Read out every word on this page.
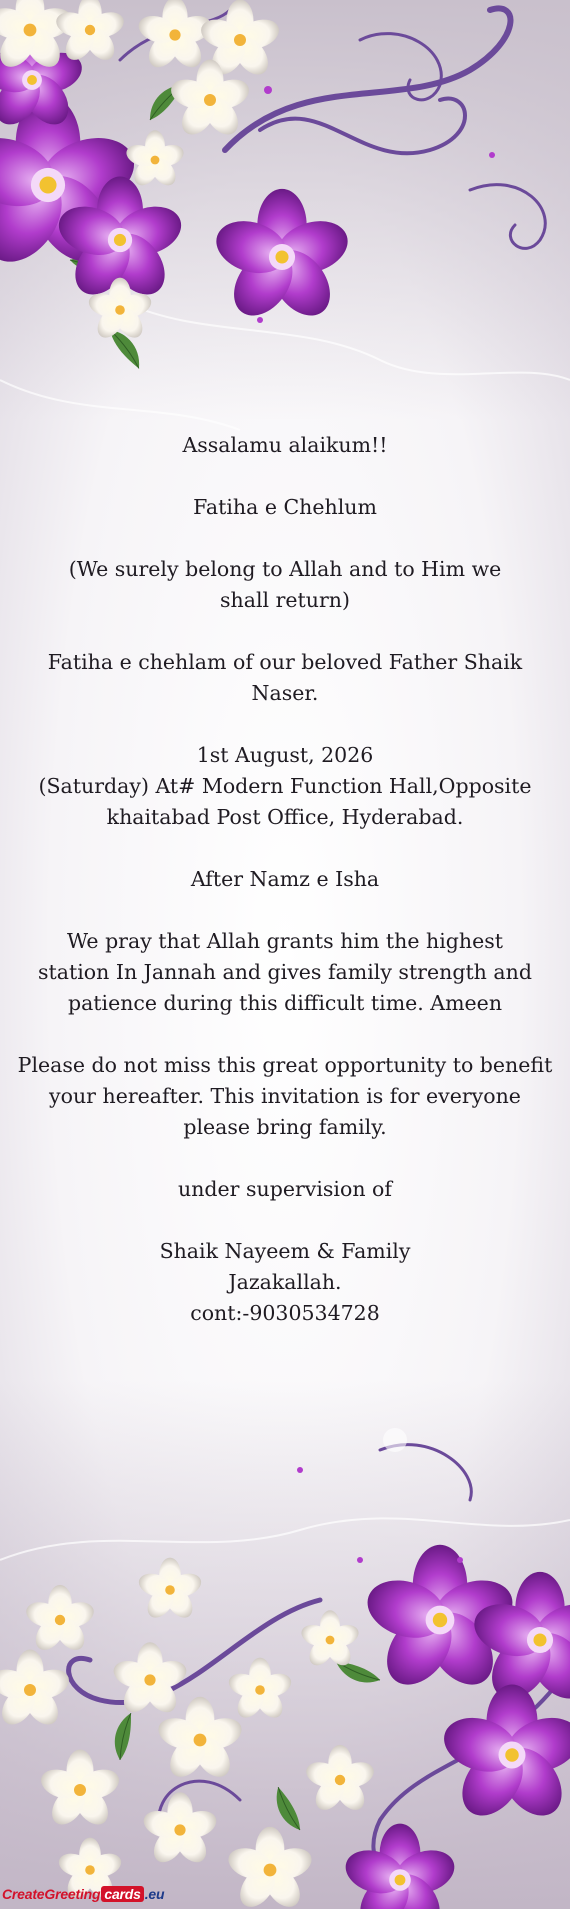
Assalamu alaikum!!
Fatiha e Chehlum
(We surely belong to Allah and to Him we shall return)
Fatiha e chehlam of our beloved Father Shaik Naser.
1st August, 2026
(Saturday) At# Modern Function Hall,Opposite khaitabad Post Office, Hyderabad.
After Namz e Isha
We pray that Allah grants him the highest station In Jannah and gives family strength and patience during this difficult time. Ameen
Please do not miss this great opportunity to benefit your hereafter. This invitation is for everyone please bring family.
under supervision of
Shaik Nayeem & Family
Jazakallah.
cont:-9030534728
CreateGreeting cards .eu
